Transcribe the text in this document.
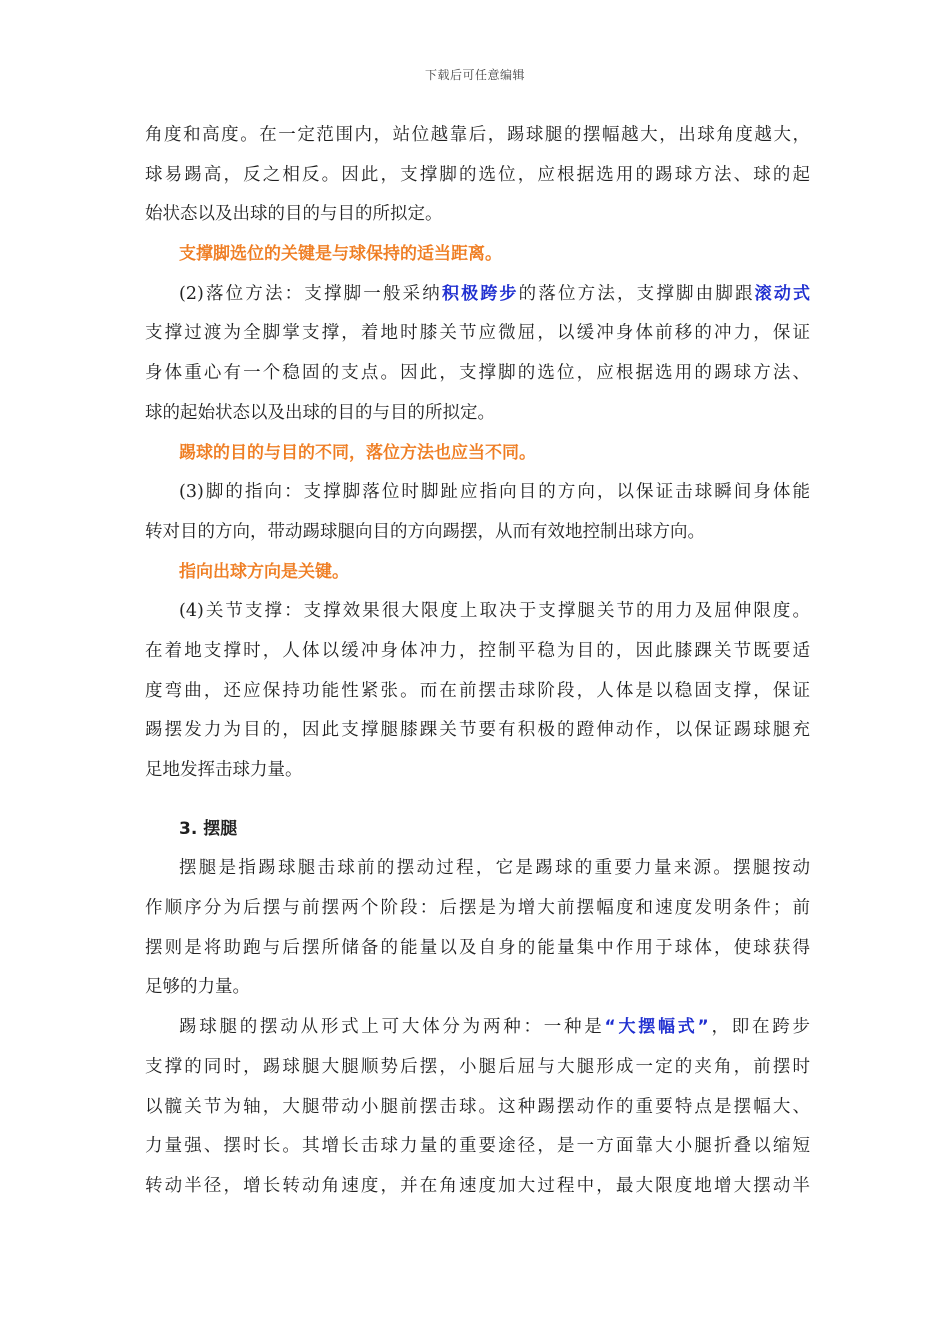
下载后可任意编辑
角度和高度。在一定范围内，站位越靠后，踢球腿的摆幅越大，出球角度越大，
球易踢高，反之相反。因此，支撑脚的选位，应根据选用的踢球方法、球的起
始状态以及出球的目的与目的所拟定。
支撑脚选位的关键是与球保持的适当距离。
(2)落位方法：支撑脚一般采纳积极跨步的落位方法，支撑脚由脚跟滚动式
支撑过渡为全脚掌支撑，着地时膝关节应微屈，以缓冲身体前移的冲力，保证
身体重心有一个稳固的支点。因此，支撑脚的选位，应根据选用的踢球方法、
球的起始状态以及出球的目的与目的所拟定。
踢球的目的与目的不同，落位方法也应当不同。
(3)脚的指向：支撑脚落位时脚趾应指向目的方向，以保证击球瞬间身体能
转对目的方向，带动踢球腿向目的方向踢摆，从而有效地控制出球方向。
指向出球方向是关键。
(4)关节支撑：支撑效果很大限度上取决于支撑腿关节的用力及屈伸限度。
在着地支撑时，人体以缓冲身体冲力，控制平稳为目的，因此膝踝关节既要适
度弯曲，还应保持功能性紧张。而在前摆击球阶段，人体是以稳固支撑，保证
踢摆发力为目的，因此支撑腿膝踝关节要有积极的蹬伸动作，以保证踢球腿充
足地发挥击球力量。
3. 摆腿
摆腿是指踢球腿击球前的摆动过程，它是踢球的重要力量来源。摆腿按动
作顺序分为后摆与前摆两个阶段：后摆是为增大前摆幅度和速度发明条件；前
摆则是将助跑与后摆所储备的能量以及自身的能量集中作用于球体，使球获得
足够的力量。
踢球腿的摆动从形式上可大体分为两种：一种是“大摆幅式”，即在跨步
支撑的同时，踢球腿大腿顺势后摆，小腿后屈与大腿形成一定的夹角，前摆时
以髋关节为轴，大腿带动小腿前摆击球。这种踢摆动作的重要特点是摆幅大、
力量强、摆时长。其增长击球力量的重要途径，是一方面靠大小腿折叠以缩短
转动半径，增长转动角速度，并在角速度加大过程中，最大限度地增大摆动半
